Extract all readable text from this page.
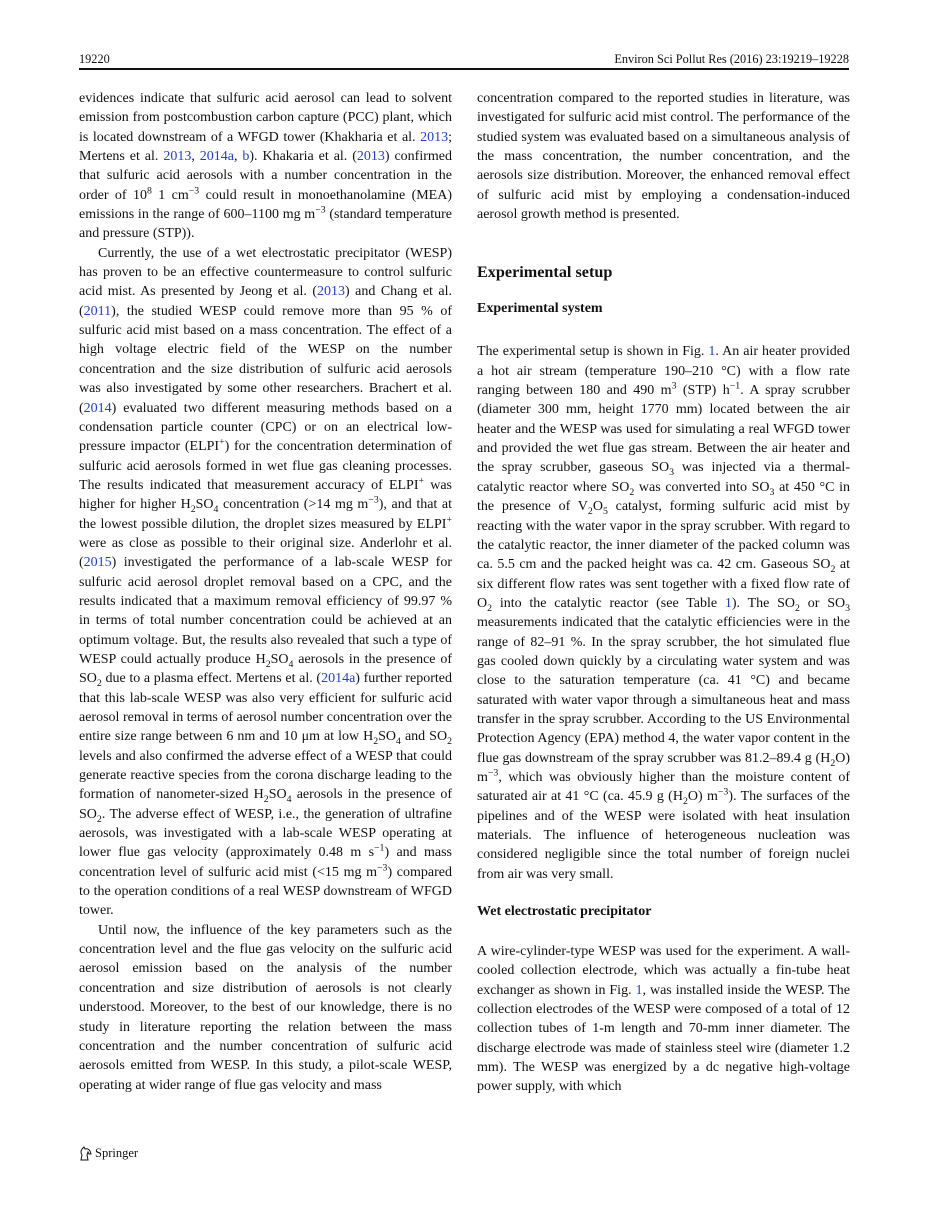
19220	Environ Sci Pollut Res (2016) 23:19219–19228

evidences indicate that sulfuric acid aerosol can lead to solvent emission from postcombustion carbon capture (PCC) plant, which is located downstream of a WFGD tower (Khakharia et al. 2013; Mertens et al. 2013, 2014a, b). Khakaria et al. (2013) confirmed that sulfuric acid aerosols with a number concentration in the order of $10^8$ 1 $cm^{-3}$ could result in monoethanolamine (MEA) emissions in the range of 600–1100 mg $m^{-3}$ (standard temperature and pressure (STP)).

Currently, the use of a wet electrostatic precipitator (WESP) has proven to be an effective countermeasure to control sulfuric acid mist. As presented by Jeong et al. (2013) and Chang et al. (2011), the studied WESP could remove more than 95 % of sulfuric acid mist based on a mass concentration. The effect of a high voltage electric field of the WESP on the number concentration and the size distribution of sulfuric acid aerosols was also investigated by some other researchers. Brachert et al. (2014) evaluated two different measuring methods based on a condensation particle counter (CPC) or on an electrical low-pressure impactor (ELPI+) for the concentration determination of sulfuric acid aerosols formed in wet flue gas cleaning processes. The results indicated that measurement accuracy of ELPI+ was higher for higher $H_2SO_4$ concentration (>14 mg $m^{-3}$), and that at the lowest possible dilution, the droplet sizes measured by ELPI+ were as close as possible to their original size. Anderlohr et al. (2015) investigated the performance of a lab-scale WESP for sulfuric acid aerosol droplet removal based on a CPC, and the results indicated that a maximum removal efficiency of 99.97 % in terms of total number concentration could be achieved at an optimum voltage. But, the results also revealed that such a type of WESP could actually produce $H_2SO_4$ aerosols in the presence of $SO_2$ due to a plasma effect. Mertens et al. (2014a) further reported that this lab-scale WESP was also very efficient for sulfuric acid aerosol removal in terms of aerosol number concentration over the entire size range between 6 nm and 10 μm at low $H_2SO_4$ and $SO_2$ levels and also confirmed the adverse effect of a WESP that could generate reactive species from the corona discharge leading to the formation of nanometer-sized $H_2SO_4$ aerosols in the presence of $SO_2$. The adverse effect of WESP, i.e., the generation of ultrafine aerosols, was investigated with a lab-scale WESP operating at lower flue gas velocity (approximately 0.48 m $s^{-1}$) and mass concentration level of sulfuric acid mist (<15 mg $m^{-3}$) compared to the operation conditions of a real WESP downstream of WFGD tower.

Until now, the influence of the key parameters such as the concentration level and the flue gas velocity on the sulfuric acid aerosol emission based on the analysis of the number concentration and size distribution of aerosols is not clearly understood. Moreover, to the best of our knowledge, there is no study in literature reporting the relation between the mass concentration and the number concentration of sulfuric acid aerosols emitted from WESP. In this study, a pilot-scale WESP, operating at wider range of flue gas velocity and mass

concentration compared to the reported studies in literature, was investigated for sulfuric acid mist control. The performance of the studied system was evaluated based on a simultaneous analysis of the mass concentration, the number concentration, and the aerosols size distribution. Moreover, the enhanced removal effect of sulfuric acid mist by employing a condensation-induced aerosol growth method is presented.

Experimental setup
Experimental system

The experimental setup is shown in Fig. 1. An air heater provided a hot air stream (temperature 190–210 °C) with a flow rate ranging between 180 and 490 $m^3$ (STP) $h^{-1}$. A spray scrubber (diameter 300 mm, height 1770 mm) located between the air heater and the WESP was used for simulating a real WFGD tower and provided the wet flue gas stream. Between the air heater and the spray scrubber, gaseous $SO_3$ was injected via a thermal-catalytic reactor where $SO_2$ was converted into $SO_3$ at 450 °C in the presence of $V_2O_5$ catalyst, forming sulfuric acid mist by reacting with the water vapor in the spray scrubber. With regard to the catalytic reactor, the inner diameter of the packed column was ca. 5.5 cm and the packed height was ca. 42 cm. Gaseous $SO_2$ at six different flow rates was sent together with a fixed flow rate of $O_2$ into the catalytic reactor (see Table 1). The $SO_2$ or $SO_3$ measurements indicated that the catalytic efficiencies were in the range of 82–91 %. In the spray scrubber, the hot simulated flue gas cooled down quickly by a circulating water system and was close to the saturation temperature (ca. 41 °C) and became saturated with water vapor through a simultaneous heat and mass transfer in the spray scrubber. According to the US Environmental Protection Agency (EPA) method 4, the water vapor content in the flue gas downstream of the spray scrubber was 81.2–89.4 g $(H_2O)$ $m^{-3}$, which was obviously higher than the moisture content of saturated air at 41 °C (ca. 45.9 g $(H_2O)$ $m^{-3}$). The surfaces of the pipelines and of the WESP were isolated with heat insulation materials. The influence of heterogeneous nucleation was considered negligible since the total number of foreign nuclei from air was very small.

Wet electrostatic precipitator

A wire-cylinder-type WESP was used for the experiment. A wall-cooled collection electrode, which was actually a fin-tube heat exchanger as shown in Fig. 1, was installed inside the WESP. The collection electrodes of the WESP were composed of a total of 12 collection tubes of 1-m length and 70-mm inner diameter. The discharge electrode was made of stainless steel wire (diameter 1.2 mm). The WESP was energized by a dc negative high-voltage power supply, with which

Springer
